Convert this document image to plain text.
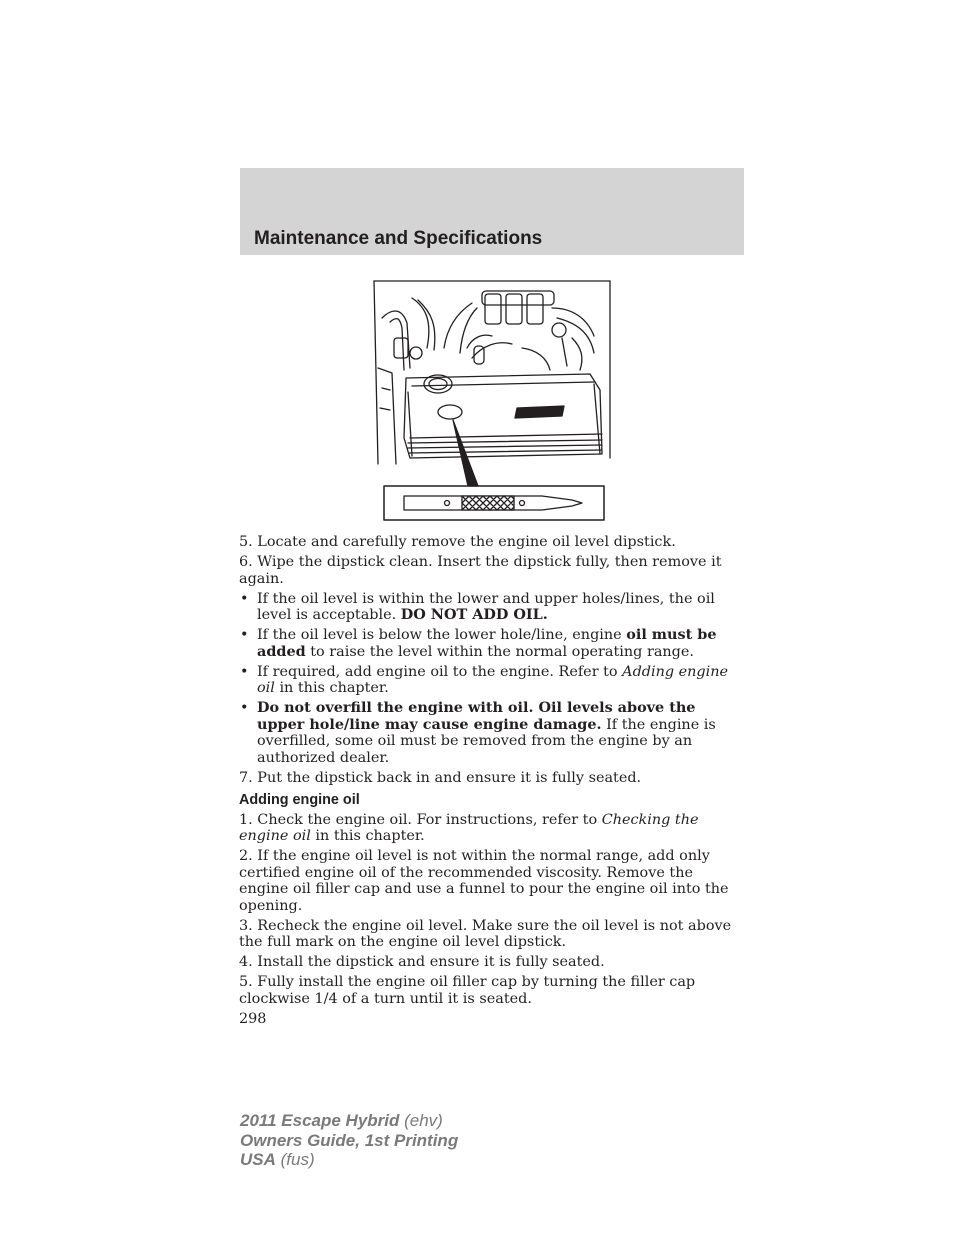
Maintenance and Specifications

5. Locate and carefully remove the engine oil level dipstick.

6. Wipe the dipstick clean. Insert the dipstick fully, then remove it again.

• If the oil level is within the lower and upper holes/lines, the oil level is acceptable. DO NOT ADD OIL.

• If the oil level is below the lower hole/line, engine oil must be added to raise the level within the normal operating range.

• If required, add engine oil to the engine. Refer to Adding engine oil in this chapter.

• Do not overfill the engine with oil. Oil levels above the upper hole/line may cause engine damage. If the engine is overfilled, some oil must be removed from the engine by an authorized dealer.

7. Put the dipstick back in and ensure it is fully seated.

Adding engine oil

1. Check the engine oil. For instructions, refer to Checking the engine oil in this chapter.

2. If the engine oil level is not within the normal range, add only certified engine oil of the recommended viscosity. Remove the engine oil filler cap and use a funnel to pour the engine oil into the opening.

3. Recheck the engine oil level. Make sure the oil level is not above the full mark on the engine oil level dipstick.

4. Install the dipstick and ensure it is fully seated.

5. Fully install the engine oil filler cap by turning the filler cap clockwise 1/4 of a turn until it is seated.

298
2011 Escape Hybrid (ehv)
Owners Guide, 1st Printing
USA (fus)
